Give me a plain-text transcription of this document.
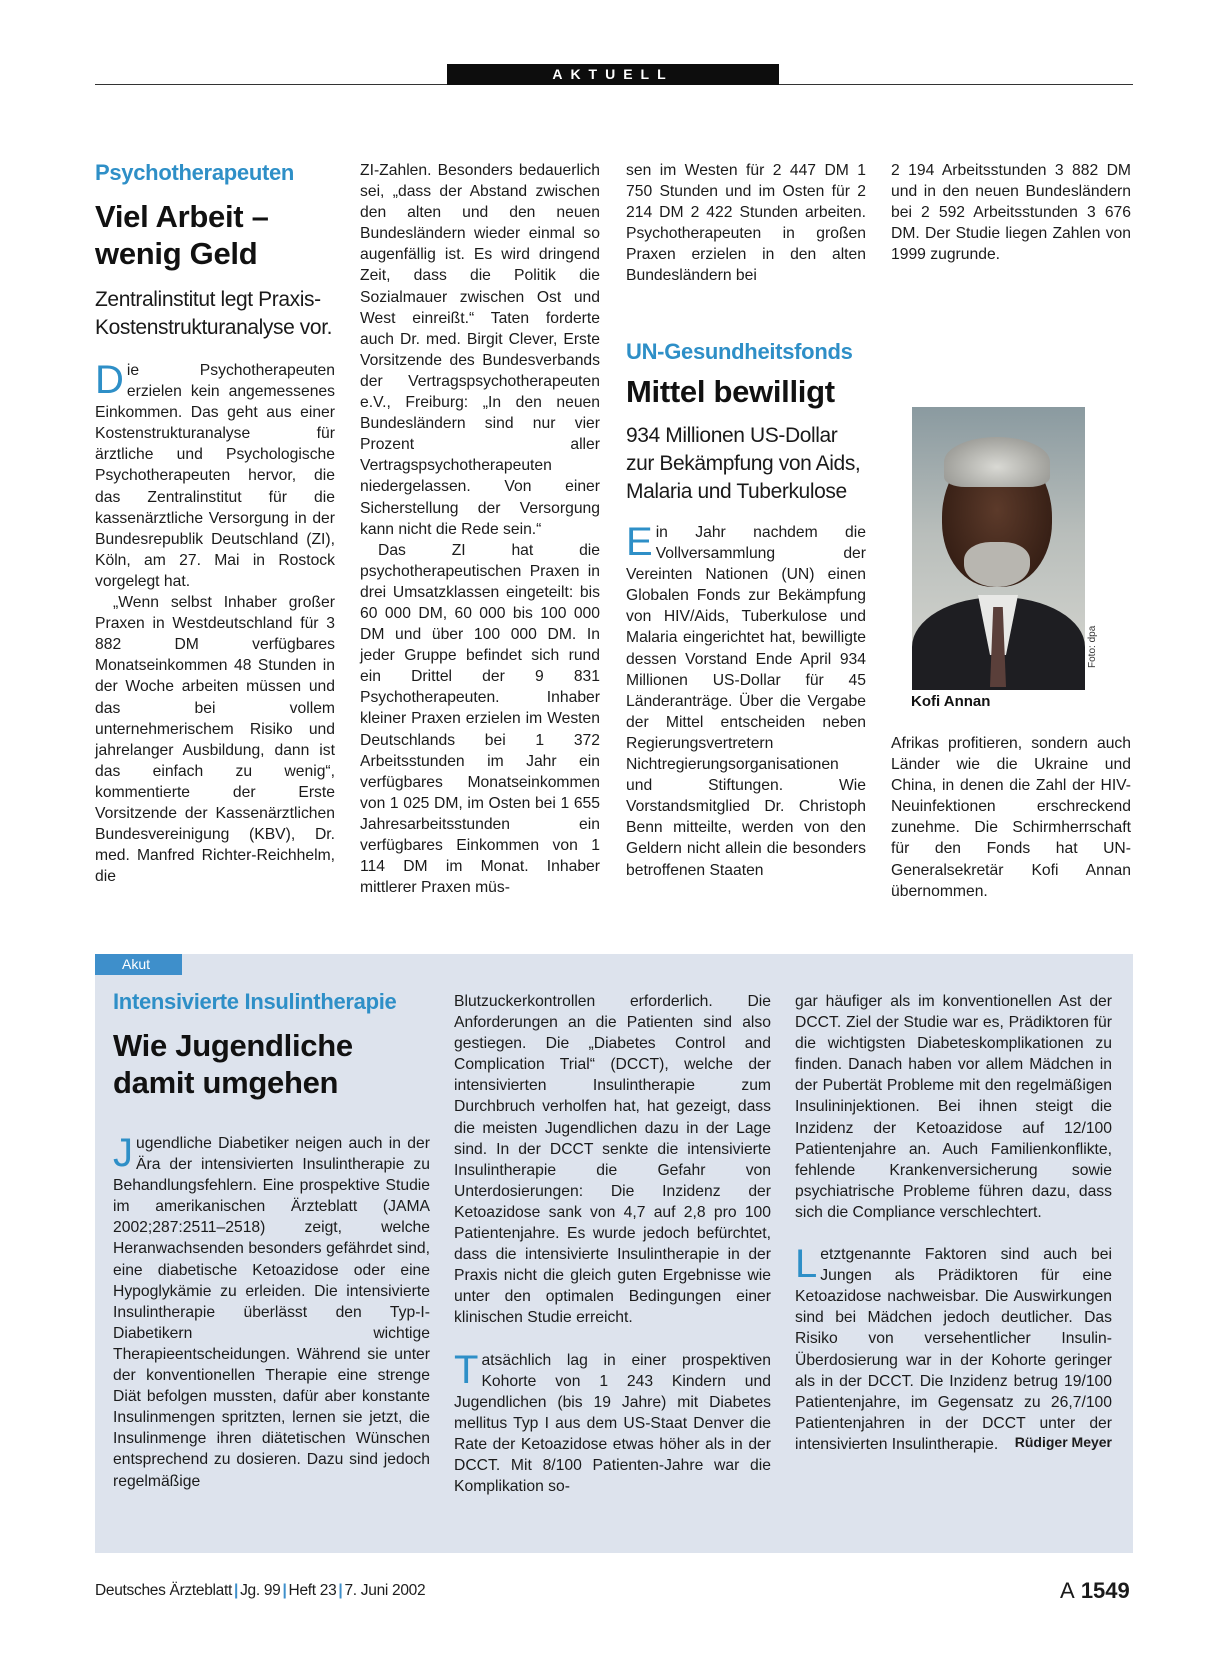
AKTUELL
Psychotherapeuten
Viel Arbeit –
wenig Geld
Zentralinstitut legt Praxis-Kostenstrukturanalyse vor.

Die Psychotherapeuten erzielen kein angemessenes Einkommen. Das geht aus einer Kostenstrukturanalyse für ärztliche und Psychologische Psychotherapeuten hervor, die das Zentralinstitut für die kassenärztliche Versorgung in der Bundesrepublik Deutschland (ZI), Köln, am 27. Mai in Rostock vorgelegt hat.

„Wenn selbst Inhaber großer Praxen in Westdeutschland für 3 882 DM verfügbares Monatseinkommen 48 Stunden in der Woche arbeiten müssen und das bei vollem unternehmerischem Risiko und jahrelanger Ausbildung, dann ist das einfach zu wenig“, kommentierte der Erste Vorsitzende der Kassenärztlichen Bundesvereinigung (KBV), Dr. med. Manfred Richter-Reichhelm, die

ZI-Zahlen. Besonders bedauerlich sei, „dass der Abstand zwischen den alten und den neuen Bundesländern wieder einmal so augenfällig ist. Es wird dringend Zeit, dass die Politik die Sozialmauer zwischen Ost und West einreißt.“ Taten forderte auch Dr. med. Birgit Clever, Erste Vorsitzende des Bundesverbands der Vertragspsychotherapeuten e.V., Freiburg: „In den neuen Bundesländern sind nur vier Prozent aller Vertragspsychotherapeuten niedergelassen. Von einer Sicherstellung der Versorgung kann nicht die Rede sein.“

Das ZI hat die psychotherapeutischen Praxen in drei Umsatzklassen eingeteilt: bis 60 000 DM, 60 000 bis 100 000 DM und über 100 000 DM. In jeder Gruppe befindet sich rund ein Drittel der 9 831 Psychotherapeuten. Inhaber kleiner Praxen erzielen im Westen Deutschlands bei 1 372 Arbeitsstunden im Jahr ein verfügbares Monatseinkommen von 1 025 DM, im Osten bei 1 655 Jahresarbeitsstunden ein verfügbares Einkommen von 1 114 DM im Monat. Inhaber mittlerer Praxen müs-

sen im Westen für 2 447 DM 1 750 Stunden und im Osten für 2 214 DM 2 422 Stunden arbeiten. Psychotherapeuten in großen Praxen erzielen in den alten Bundesländern bei

2 194 Arbeitsstunden 3 882 DM und in den neuen Bundesländern bei 2 592 Arbeitsstunden 3 676 DM. Der Studie liegen Zahlen von 1999 zugrunde.

UN-Gesundheitsfonds
Mittel bewilligt
934 Millionen US-Dollar zur Bekämpfung von Aids, Malaria und Tuberkulose

Ein Jahr nachdem die Vollversammlung der Vereinten Nationen (UN) einen Globalen Fonds zur Bekämpfung von HIV/Aids, Tuberkulose und Malaria eingerichtet hat, bewilligte dessen Vorstand Ende April 934 Millionen US-Dollar für 45 Länderanträge. Über die Vergabe der Mittel entscheiden neben Regierungsvertretern Nichtregierungsorganisationen und Stiftungen. Wie Vorstandsmitglied Dr. Christoph Benn mitteilte, werden von den Geldern nicht allein die besonders betroffenen Staaten

Foto: dpa
Kofi Annan

Afrikas profitieren, sondern auch Länder wie die Ukraine und China, in denen die Zahl der HIV-Neuinfektionen erschreckend zunehme. Die Schirmherrschaft für den Fonds hat UN-Generalsekretär Kofi Annan übernommen.

Akut
Intensivierte Insulintherapie
Wie Jugendliche
damit umgehen

Jugendliche Diabetiker neigen auch in der Ära der intensivierten Insulintherapie zu Behandlungsfehlern. Eine prospektive Studie im amerikanischen Ärzteblatt (JAMA 2002;287:2511–2518) zeigt, welche Heranwachsenden besonders gefährdet sind, eine diabetische Ketoazidose oder eine Hypoglykämie zu erleiden. Die intensivierte Insulintherapie überlässt den Typ-I-Diabetikern wichtige Therapieentscheidungen. Während sie unter der konventionellen Therapie eine strenge Diät befolgen mussten, dafür aber konstante Insulinmengen spritzten, lernen sie jetzt, die Insulinmenge ihren diätetischen Wünschen entsprechend zu dosieren. Dazu sind jedoch regelmäßige

Blutzuckerkontrollen erforderlich. Die Anforderungen an die Patienten sind also gestiegen. Die „Diabetes Control and Complication Trial“ (DCCT), welche der intensivierten Insulintherapie zum Durchbruch verholfen hat, hat gezeigt, dass die meisten Jugendlichen dazu in der Lage sind. In der DCCT senkte die intensivierte Insulintherapie die Gefahr von Unterdosierungen: Die Inzidenz der Ketoazidose sank von 4,7 auf 2,8 pro 100 Patientenjahre. Es wurde jedoch befürchtet, dass die intensivierte Insulintherapie in der Praxis nicht die gleich guten Ergebnisse wie unter den optimalen Bedingungen einer klinischen Studie erreicht.

Tatsächlich lag in einer prospektiven Kohorte von 1 243 Kindern und Jugendlichen (bis 19 Jahre) mit Diabetes mellitus Typ I aus dem US-Staat Denver die Rate der Ketoazidose etwas höher als in der DCCT. Mit 8/100 Patienten-Jahre war die Komplikation so-

gar häufiger als im konventionellen Ast der DCCT. Ziel der Studie war es, Prädiktoren für die wichtigsten Diabeteskomplikationen zu finden. Danach haben vor allem Mädchen in der Pubertät Probleme mit den regelmäßigen Insulininjektionen. Bei ihnen steigt die Inzidenz der Ketoazidose auf 12/100 Patientenjahre an. Auch Familienkonflikte, fehlende Krankenversicherung sowie psychiatrische Probleme führen dazu, dass sich die Compliance verschlechtert.

Letztgenannte Faktoren sind auch bei Jungen als Prädiktoren für eine Ketoazidose nachweisbar. Die Auswirkungen sind bei Mädchen jedoch deutlicher. Das Risiko von versehentlicher Insulin-Überdosierung war in der Kohorte geringer als in der DCCT. Die Inzidenz betrug 19/100 Patientenjahre, im Gegensatz zu 26,7/100 Patientenjahren in der DCCT unter der intensivierten Insulintherapie. Rüdiger Meyer

Deutsches Ärzteblatt | Jg. 99 | Heft 23 | 7. Juni 2002	A 1549
